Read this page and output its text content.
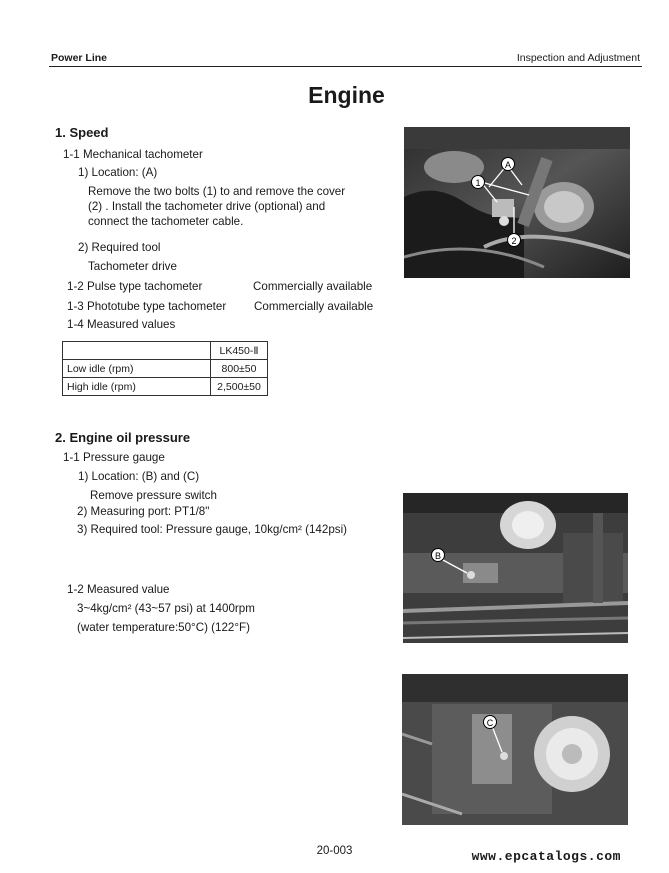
Power Line	Inspection and Adjustment
Engine
1. Speed
1-1 Mechanical tachometer
1) Location: (A)
Remove the two bolts (1) to and remove the cover
(2) . Install the tachometer drive (optional) and
connect the tachometer cable.
2) Required tool
Tachometer drive
1-2 Pulse type tachometer	Commercially available
1-3 Phototube type tachometer Commercially available
1-4 Measured values
	LK450-Ⅱ
Low idle (rpm)	800±50
High idle (rpm)	2,500±50
2. Engine oil pressure
1-1 Pressure gauge
1) Location: (B) and (C)
Remove pressure switch
2) Measuring port: PT1/8"
3) Required tool: Pressure gauge, 10kg/cm² (142psi)
1-2 Measured value
3~4kg/cm² (43~57 psi) at 1400rpm
(water temperature:50°C) (122°F)
A
1
2
B
C
20-003	www.epcatalogs.com
